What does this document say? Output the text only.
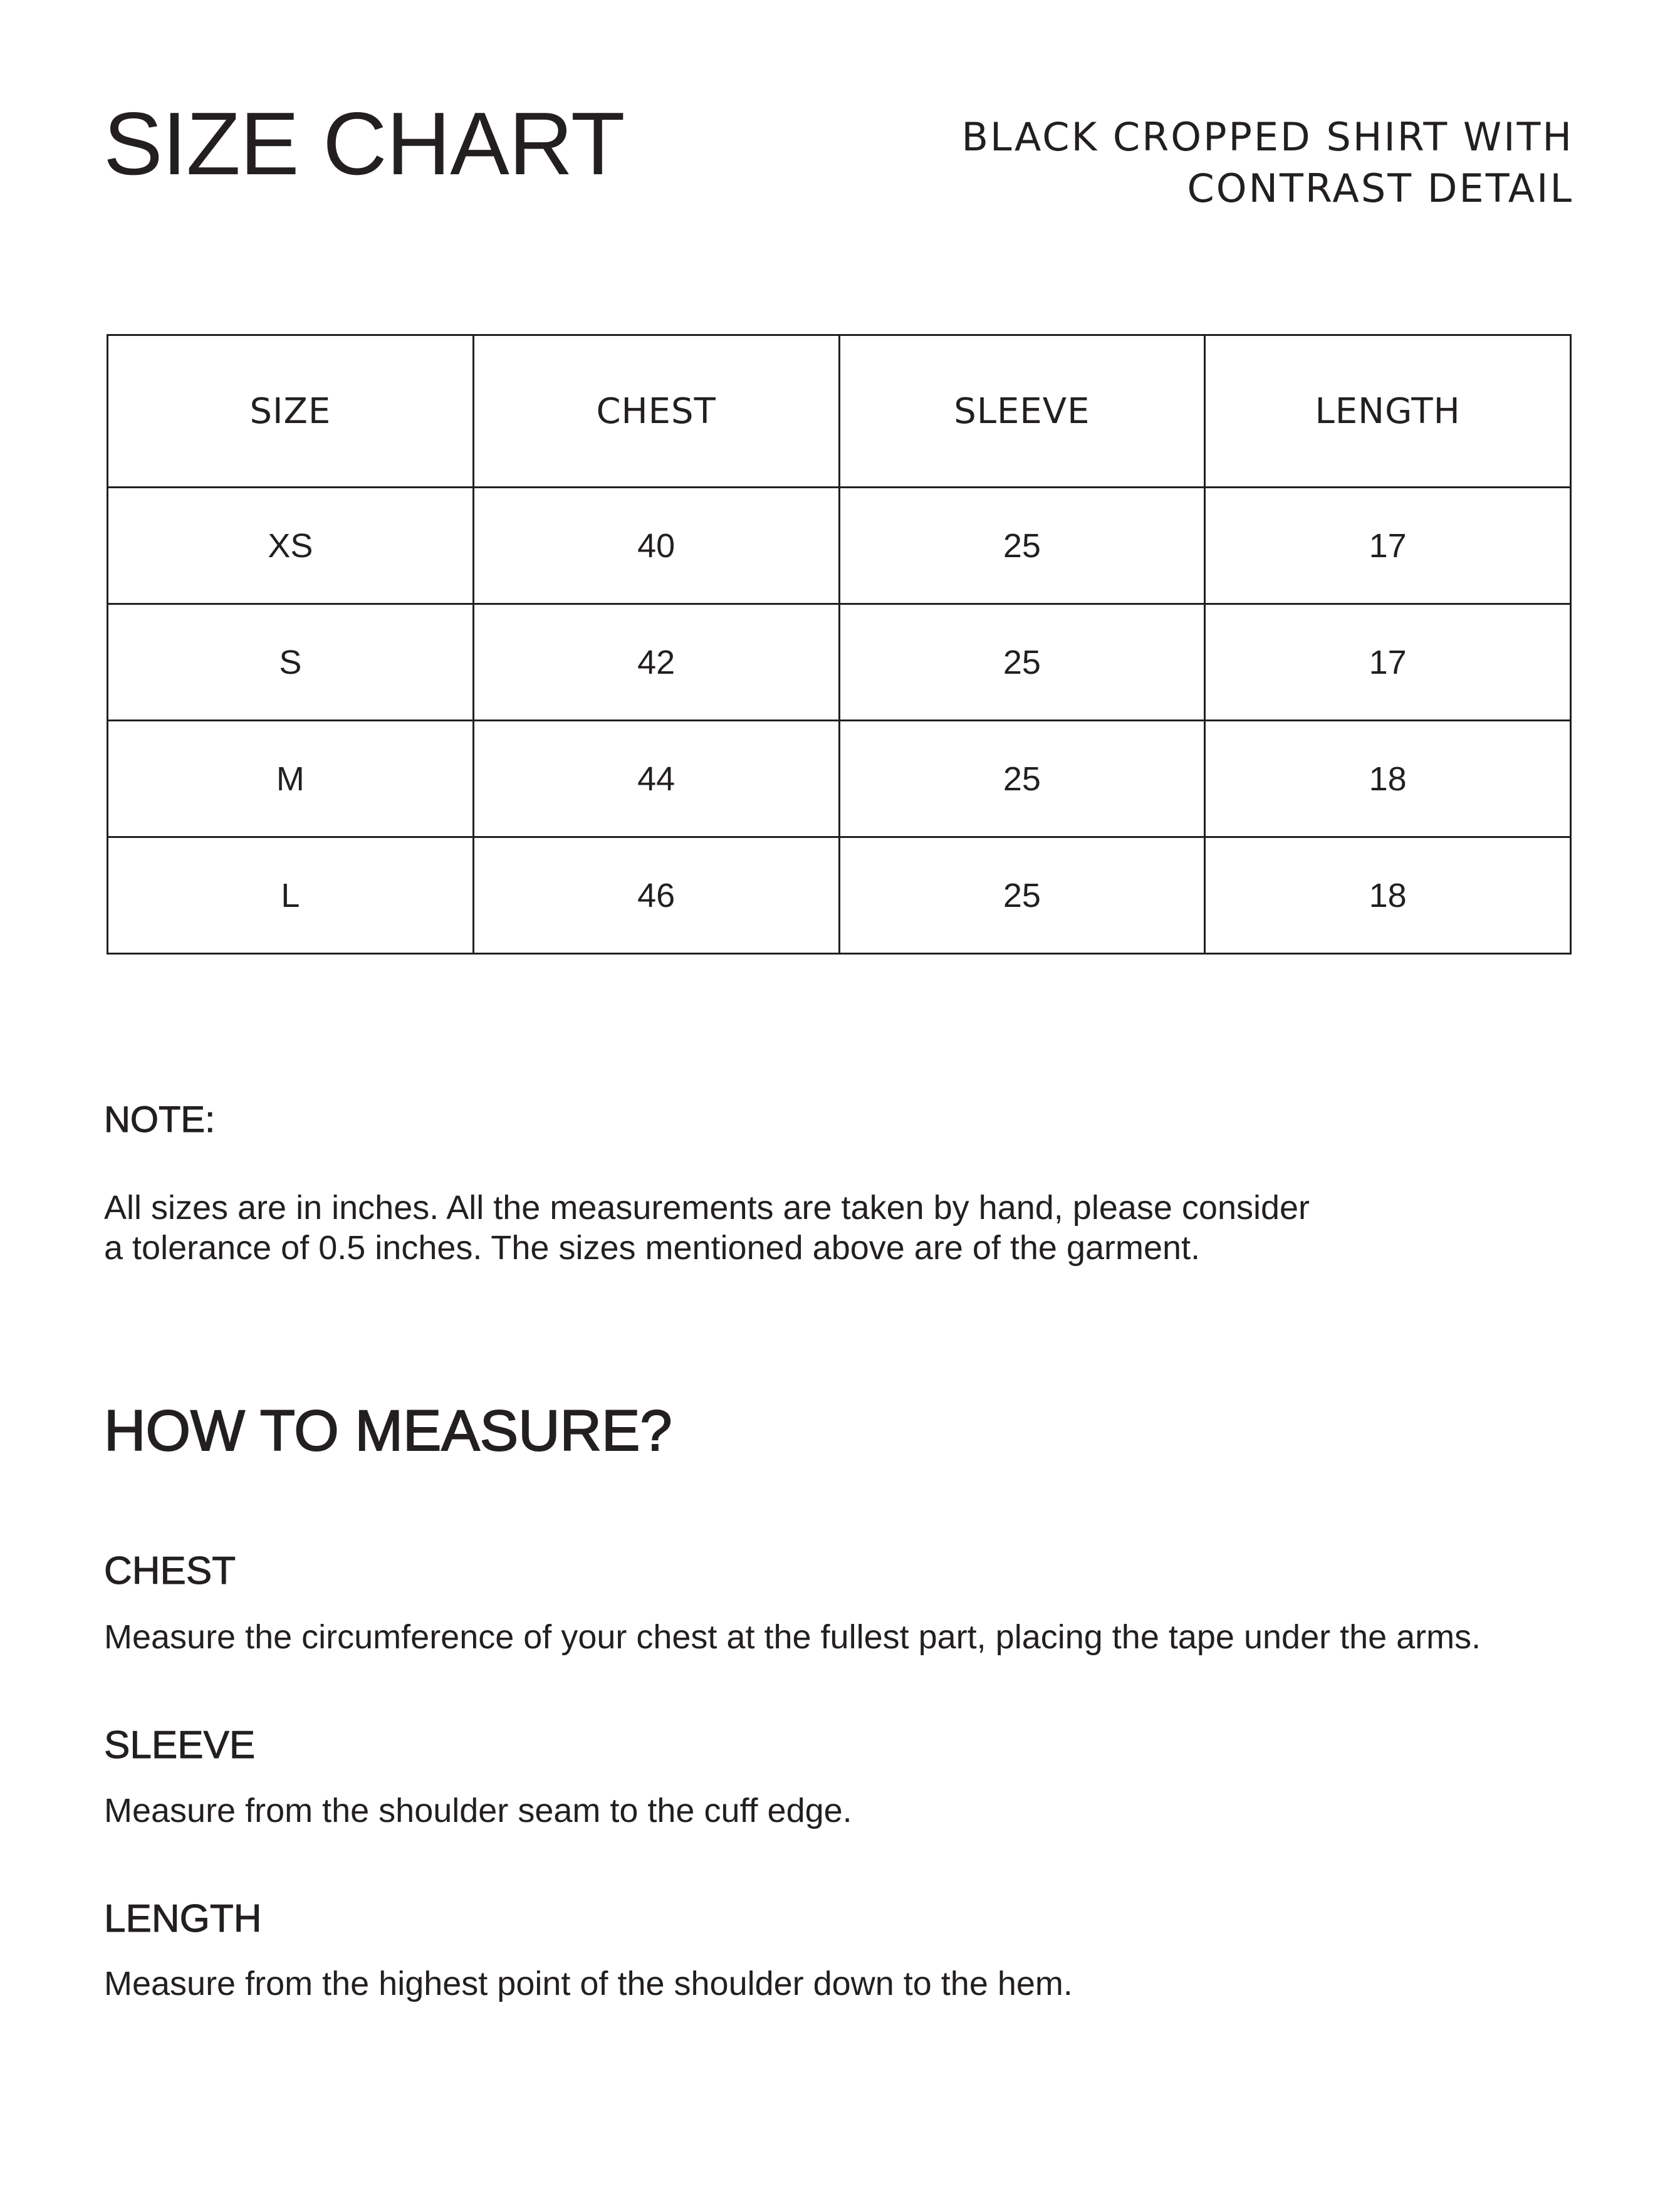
SIZE CHART	BLACK CROPPED SHIRT WITH
CONTRAST DETAIL
SIZE	CHEST	SLEEVE	LENGTH
XS	40	25	17
S	42	25	17
M	44	25	18
L	46	25	18
NOTE:
All sizes are in inches. All the measurements are taken by hand, please consider
a tolerance of 0.5 inches. The sizes mentioned above are of the garment.
HOW TO MEASURE?
CHEST

Measure the circumference of your chest at the fullest part, placing the tape under the arms.

SLEEVE

Measure from the shoulder seam to the cuff edge.

LENGTH

Measure from the highest point of the shoulder down to the hem.
